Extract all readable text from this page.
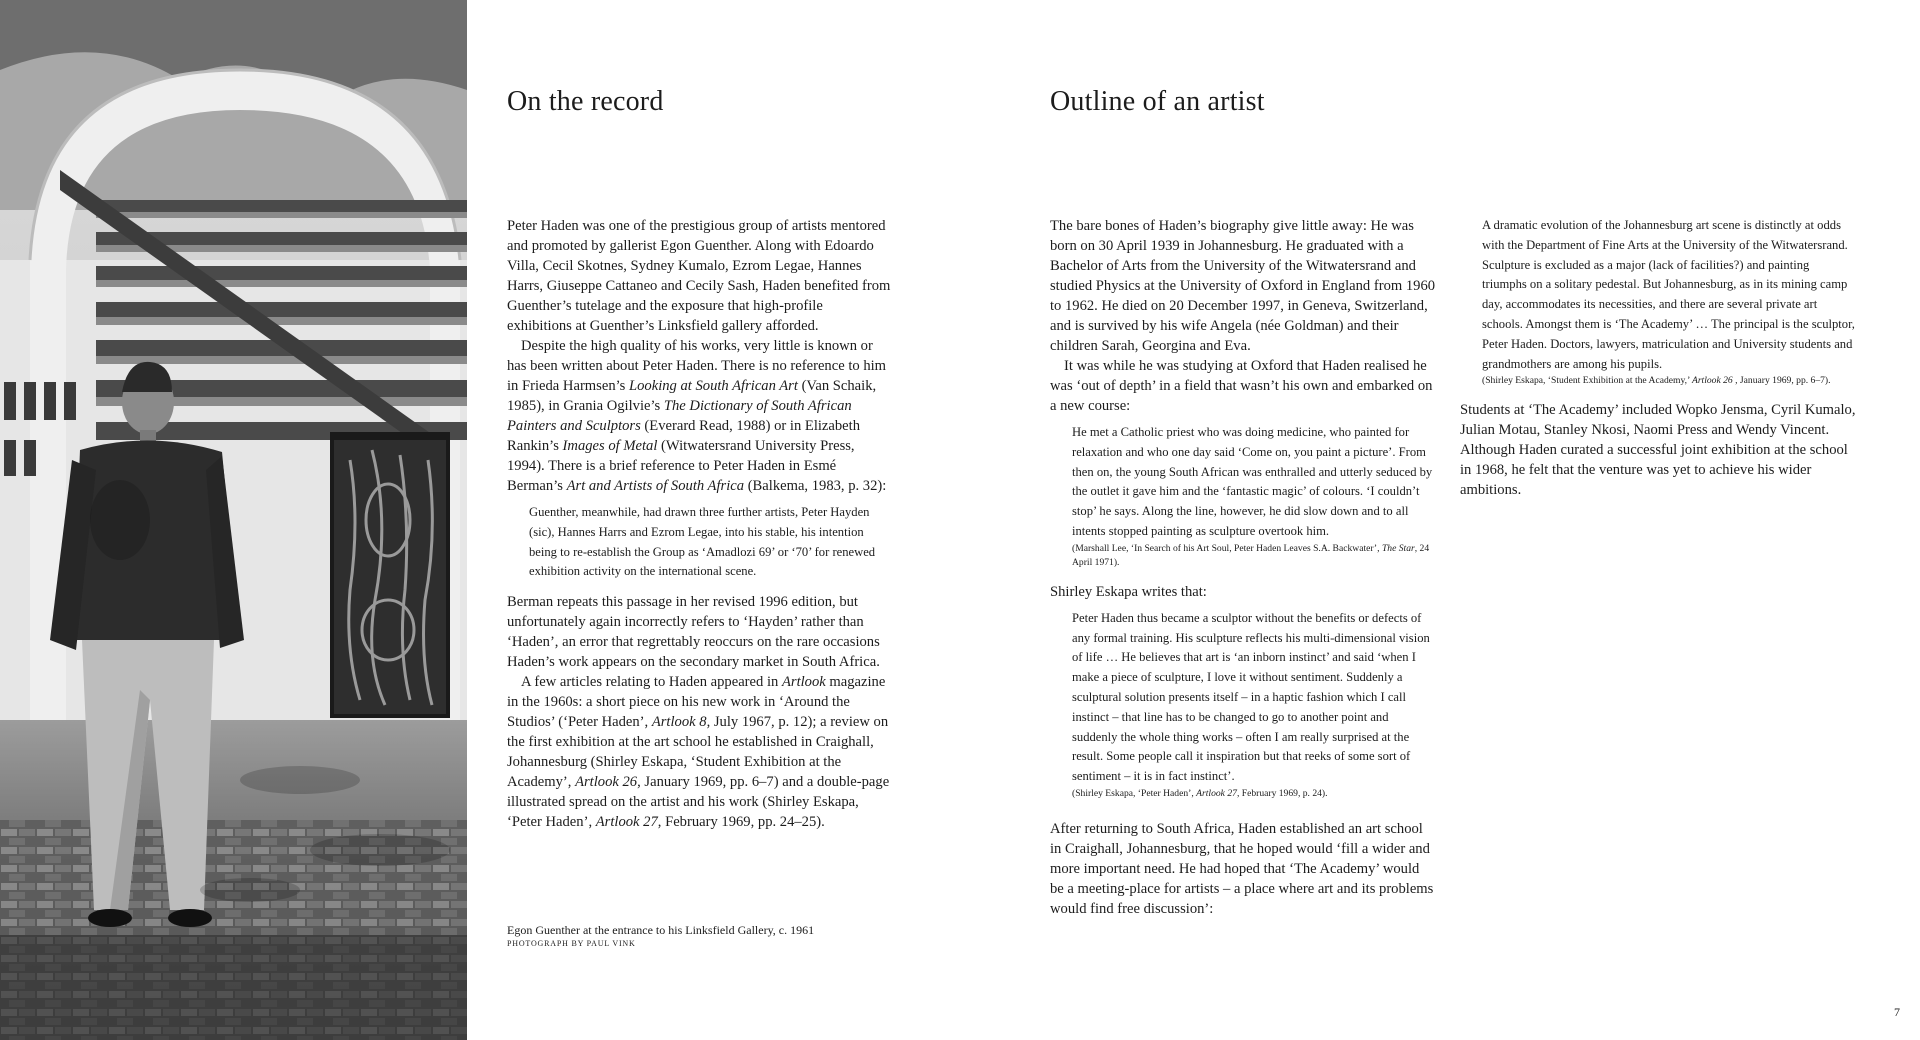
On the record

Peter Haden was one of the prestigious group of artists mentored and promoted by gallerist Egon Guenther. Along with Edoardo Villa, Cecil Skotnes, Sydney Kumalo, Ezrom Legae, Hannes Harrs, Giuseppe Cattaneo and Cecily Sash, Haden benefited from Guenther’s tutelage and the exposure that high-profile exhibitions at Guenther’s Linksfield gallery afforded.

Despite the high quality of his works, very little is known or has been written about Peter Haden. There is no reference to him in Frieda Harmsen’s Looking at South African Art (Van Schaik, 1985), in Grania Ogilvie’s The Dictionary of South African Painters and Sculptors (Everard Read, 1988) or in Elizabeth Rankin’s Images of Metal (Witwatersrand University Press, 1994). There is a brief reference to Peter Haden in Esmé Berman’s Art and Artists of South Africa (Balkema, 1983, p. 32):

Guenther, meanwhile, had drawn three further artists, Peter Hayden (sic), Hannes Harrs and Ezrom Legae, into his stable, his intention being to re-establish the Group as ‘Amadlozi 69’ or ‘70’ for renewed exhibition activity on the international scene.

Berman repeats this passage in her revised 1996 edition, but unfortunately again incorrectly refers to ‘Hayden’ rather than ‘Haden’, an error that regrettably reoccurs on the rare occasions Haden’s work appears on the secondary market in South Africa.

A few articles relating to Haden appeared in Artlook magazine in the 1960s: a short piece on his new work in ‘Around the Studios’ (‘Peter Haden’, Artlook 8, July 1967, p. 12); a review on the first exhibition at the art school he established in Craighall, Johannesburg (Shirley Eskapa, ‘Student Exhibition at the Academy’, Artlook 26, January 1969, pp. 6–7) and a double-page illustrated spread on the artist and his work (Shirley Eskapa, ‘Peter Haden’, Artlook 27, February 1969, pp. 24–25).

Egon Guenther at the entrance to his Linksfield Gallery, c. 1961
PHOTOGRAPH BY PAUL VINK
Outline of an artist

The bare bones of Haden’s biography give little away: He was born on 30 April 1939 in Johannesburg. He graduated with a Bachelor of Arts from the University of the Witwatersrand and studied Physics at the University of Oxford in England from 1960 to 1962. He died on 20 December 1997, in Geneva, Switzerland, and is survived by his wife Angela (née Goldman) and their children Sarah, Georgina and Eva.

It was while he was studying at Oxford that Haden realised he was ‘out of depth’ in a field that wasn’t his own and embarked on a new course:

He met a Catholic priest who was doing medicine, who painted for relaxation and who one day said ‘Come on, you paint a picture’. From then on, the young South African was enthralled and utterly seduced by the outlet it gave him and the ‘fantastic magic’ of colours. ‘I couldn’t stop’ he says. Along the line, however, he did slow down and to all intents stopped painting as sculpture overtook him.

(Marshall Lee, ‘In Search of his Art Soul, Peter Haden Leaves S.A. Backwater’, The Star, 24 April 1971).

Shirley Eskapa writes that:

Peter Haden thus became a sculptor without the benefits or defects of any formal training. His sculpture reflects his multi-dimensional vision of life … He believes that art is ‘an inborn instinct’ and said ‘when I make a piece of sculpture, I love it without sentiment. Suddenly a sculptural solution presents itself – in a haptic fashion which I call instinct – that line has to be changed to go to another point and suddenly the whole thing works – often I am really surprised at the result. Some people call it inspiration but that reeks of some sort of sentiment – it is in fact instinct’.

(Shirley Eskapa, ‘Peter Haden’, Artlook 27, February 1969, p. 24).

After returning to South Africa, Haden established an art school in Craighall, Johannesburg, that he hoped would ‘fill a wider and more important need. He had hoped that ‘The Academy’ would be a meeting-place for artists – a place where art and its problems would find free discussion’:

A dramatic evolution of the Johannesburg art scene is distinctly at odds with the Department of Fine Arts at the University of the Witwatersrand. Sculpture is excluded as a major (lack of facilities?) and painting triumphs on a solitary pedestal. But Johannesburg, as in its mining camp day, accommodates its necessities, and there are several private art schools. Amongst them is ‘The Academy’ … The principal is the sculptor, Peter Haden. Doctors, lawyers, matriculation and University students and grandmothers are among his pupils.

(Shirley Eskapa, ‘Student Exhibition at the Academy,’ Artlook 26 , January 1969, pp. 6–7).

Students at ‘The Academy’ included Wopko Jensma, Cyril Kumalo, Julian Motau, Stanley Nkosi, Naomi Press and Wendy Vincent. Although Haden curated a successful joint exhibition at the school in 1968, he felt that the venture was yet to achieve his wider ambitions.

7
